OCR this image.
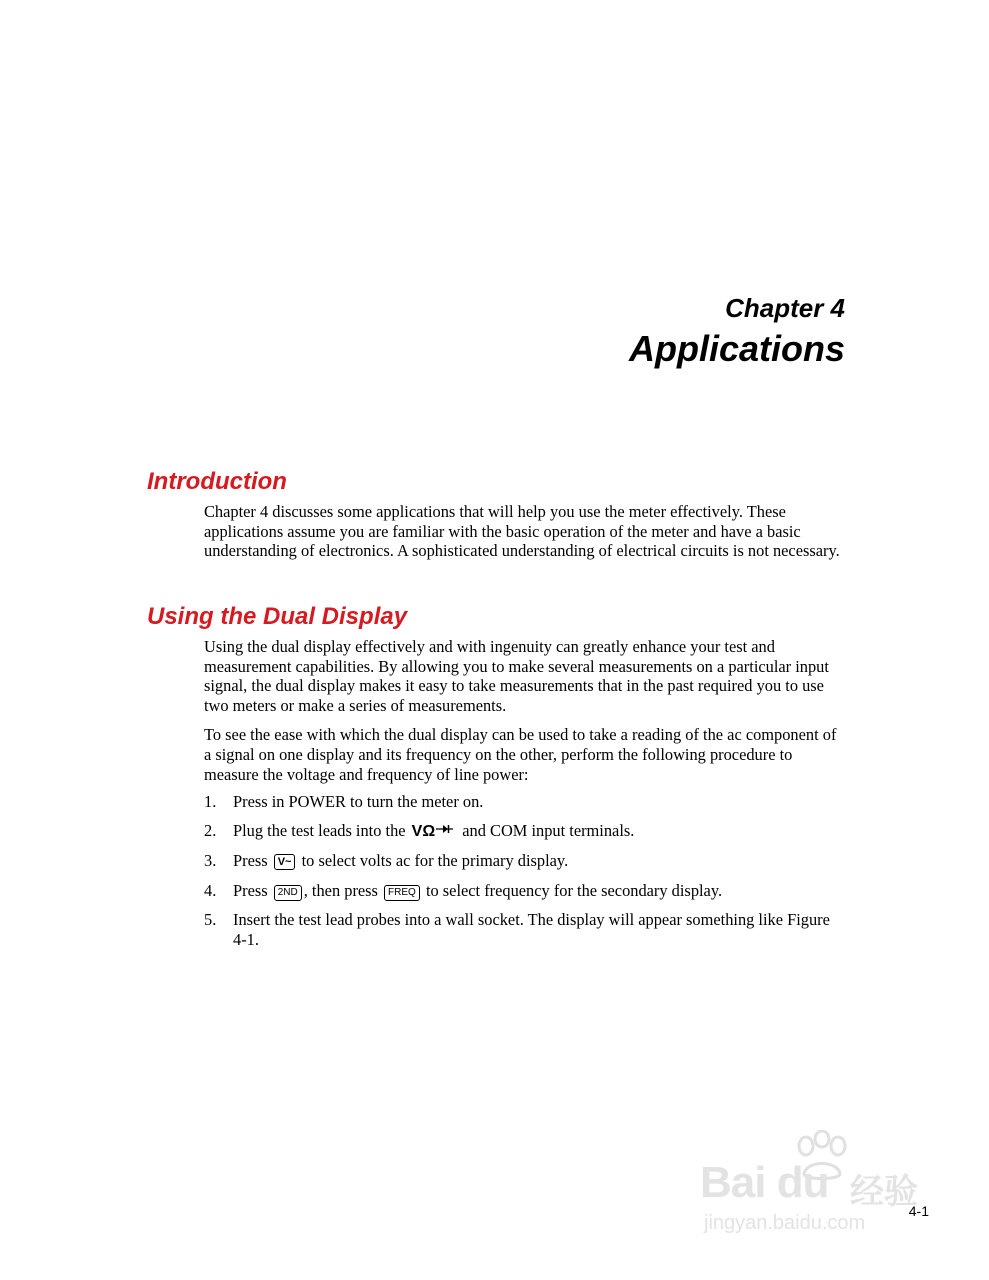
Chapter 4
Applications
Introduction

Chapter 4 discusses some applications that will help you use the meter effectively. These applications assume you are familiar with the basic operation of the meter and have a basic understanding of electronics. A sophisticated understanding of electrical circuits is not necessary.

Using the Dual Display

Using the dual display effectively and with ingenuity can greatly enhance your test and measurement capabilities. By allowing you to make several measurements on a particular input signal, the dual display makes it easy to take measurements that in the past required you to use two meters or make a series of measurements.

To see the ease with which the dual display can be used to take a reading of the ac component of a signal on one display and its frequency on the other, perform the following procedure to measure the voltage and frequency of line power:

1.	Press in POWER to turn the meter on.
2.	Plug the test leads into the VΩ and COM input terminals.
3.	Press V~ to select volts ac for the primary display.
4.	Press 2ND , then press FREQ to select frequency for the secondary display.
5.	Insert the test lead probes into a wall socket. The display will appear something like Figure 4-1.
Bai du 经验
jingyan.baidu.com
4-1
